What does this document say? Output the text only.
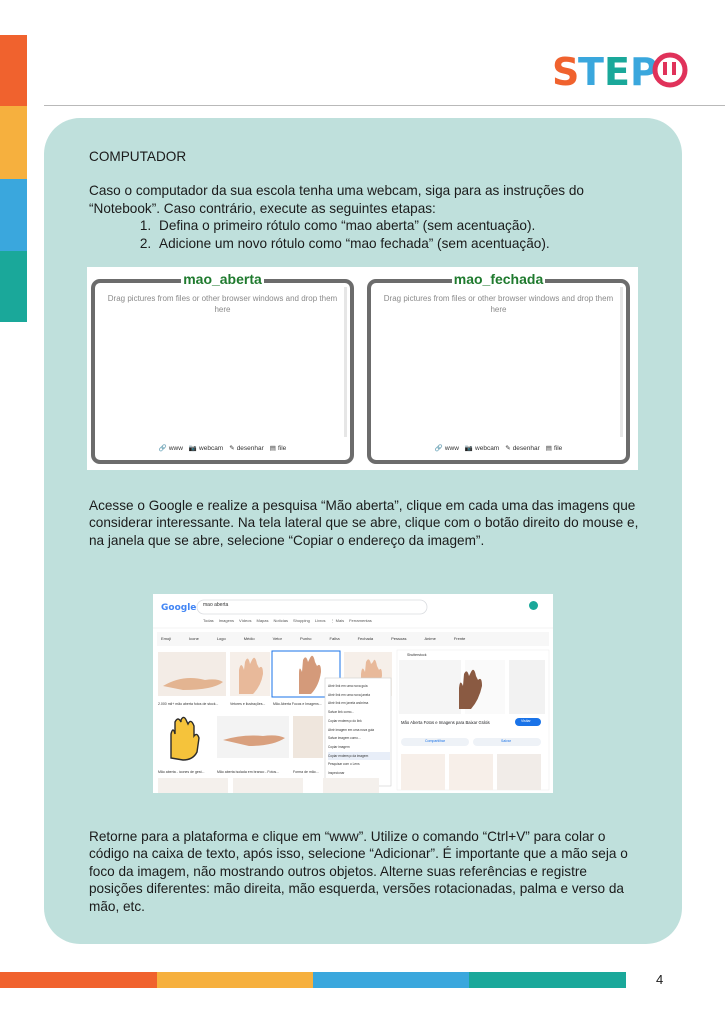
S
T E P

COMPUTADOR

Caso o computador da sua escola tenha uma webcam, siga para as instruções do “Notebook”. Caso contrário, execute as seguintes etapas:

1. Defina o primeiro rótulo como “mao aberta” (sem acentuação).
2. Adicione um novo rótulo como “mao fechada” (sem acentuação).
mao_aberta
Drag pictures from files or other browser windows and drop them here
🔗 www 📷 webcam ✎ desenhar ▤ file
mao_fechada
Drag pictures from files or other browser windows and drop them here
🔗 www 📷 webcam ✎ desenhar ▤ file
Acesse o Google e realize a pesquisa “Mão aberta”, clique em cada uma das imagens que considerar interessante. Na tela lateral que se abre, clique com o botão direito do mouse e, na janela que se abre, selecione “Copiar o endereço da imagem”.
Google mao aberta
Todas Imagens Vídeos Mapas Notícias Shopping Livros ⋮ Mais Ferramentas
Emoji	Icone	Logo	Médio	Vetor	Punho	Falha	Fechada	Pessoas	Anime	Frente
2.000 mil+ mão aberta fotos de stock...	Vetores e ilustrações...	Mão Aberta Focos e Imagens...
Mão aberta - ícones de gest...	Mão aberta isolada em branco - Fotos...	Forma de mão...
Abrir link em uma nova guia
Abrir link em uma nova janela
Abrir link em janela anônima
Salvar link como...
Copiar endereço do link
Abrir imagem em uma nova guia
Salvar imagem como...
Copiar imagem
Copiar endereço da imagem
Pesquisar com o Lens
Inspecionar
Shutterstock
Mão Aberta Fotos e Imagens para Baixar Grátis	Visitar
Compartilhar	Salvar
Retorne para a plataforma e clique em “www”. Utilize o comando “Ctrl+V” para colar o código na caixa de texto, após isso, selecione “Adicionar”. É importante que a mão seja o foco da imagem, não mostrando outros objetos. Alterne suas referências e registre posições diferentes: mão direita, mão esquerda, versões rotacionadas, palma e verso da mão, etc.
4
